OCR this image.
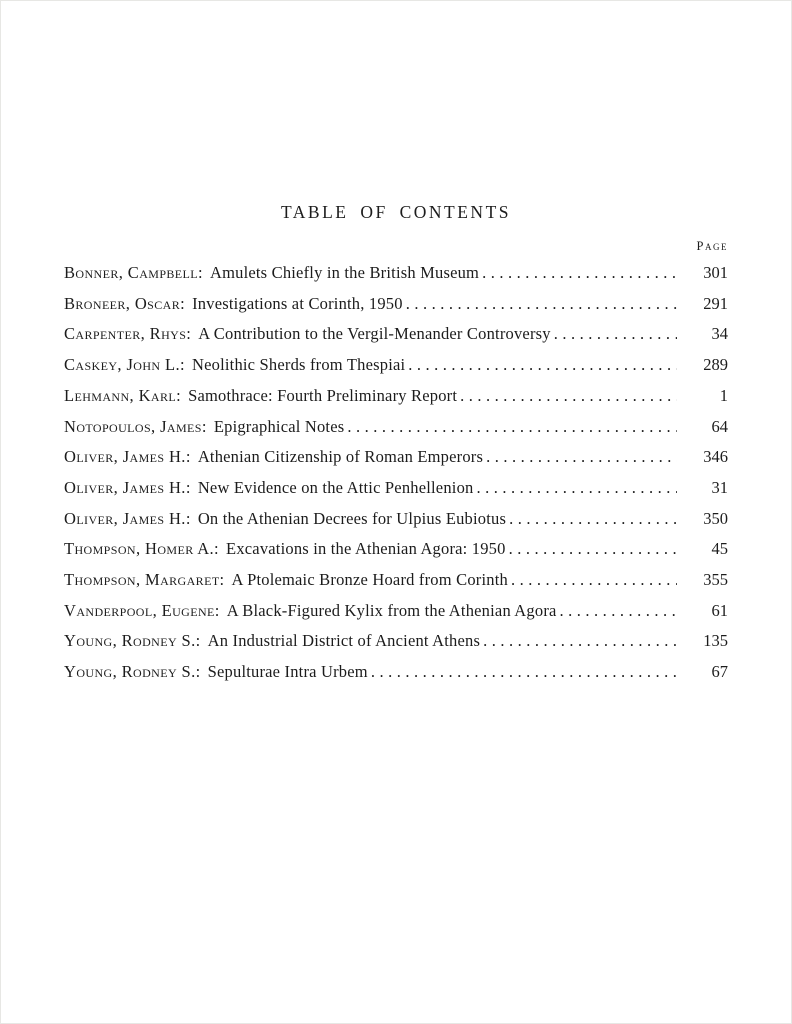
TABLE OF CONTENTS
Page
Bonner, Campbell: Amulets Chiefly in the British Museum .....	301
Broneer, Oscar: Investigations at Corinth, 1950 .....	291
Carpenter, Rhys: A Contribution to the Vergil-Menander Controversy .....	34
Caskey, John L.: Neolithic Sherds from Thespiai .....	289
Lehmann, Karl: Samothrace: Fourth Preliminary Report .....	1
Notopoulos, James: Epigraphical Notes .....	64
Oliver, James H.: Athenian Citizenship of Roman Emperors .....	346
Oliver, James H.: New Evidence on the Attic Penhellenion .....	31
Oliver, James H.: On the Athenian Decrees for Ulpius Eubiotus .....	350
Thompson, Homer A.: Excavations in the Athenian Agora: 1950 .....	45
Thompson, Margaret: A Ptolemaic Bronze Hoard from Corinth .....	355
Vanderpool, Eugene: A Black-Figured Kylix from the Athenian Agora .....	61
Young, Rodney S.: An Industrial District of Ancient Athens .....	135
Young, Rodney S.: Sepulturae Intra Urbem .....	67
